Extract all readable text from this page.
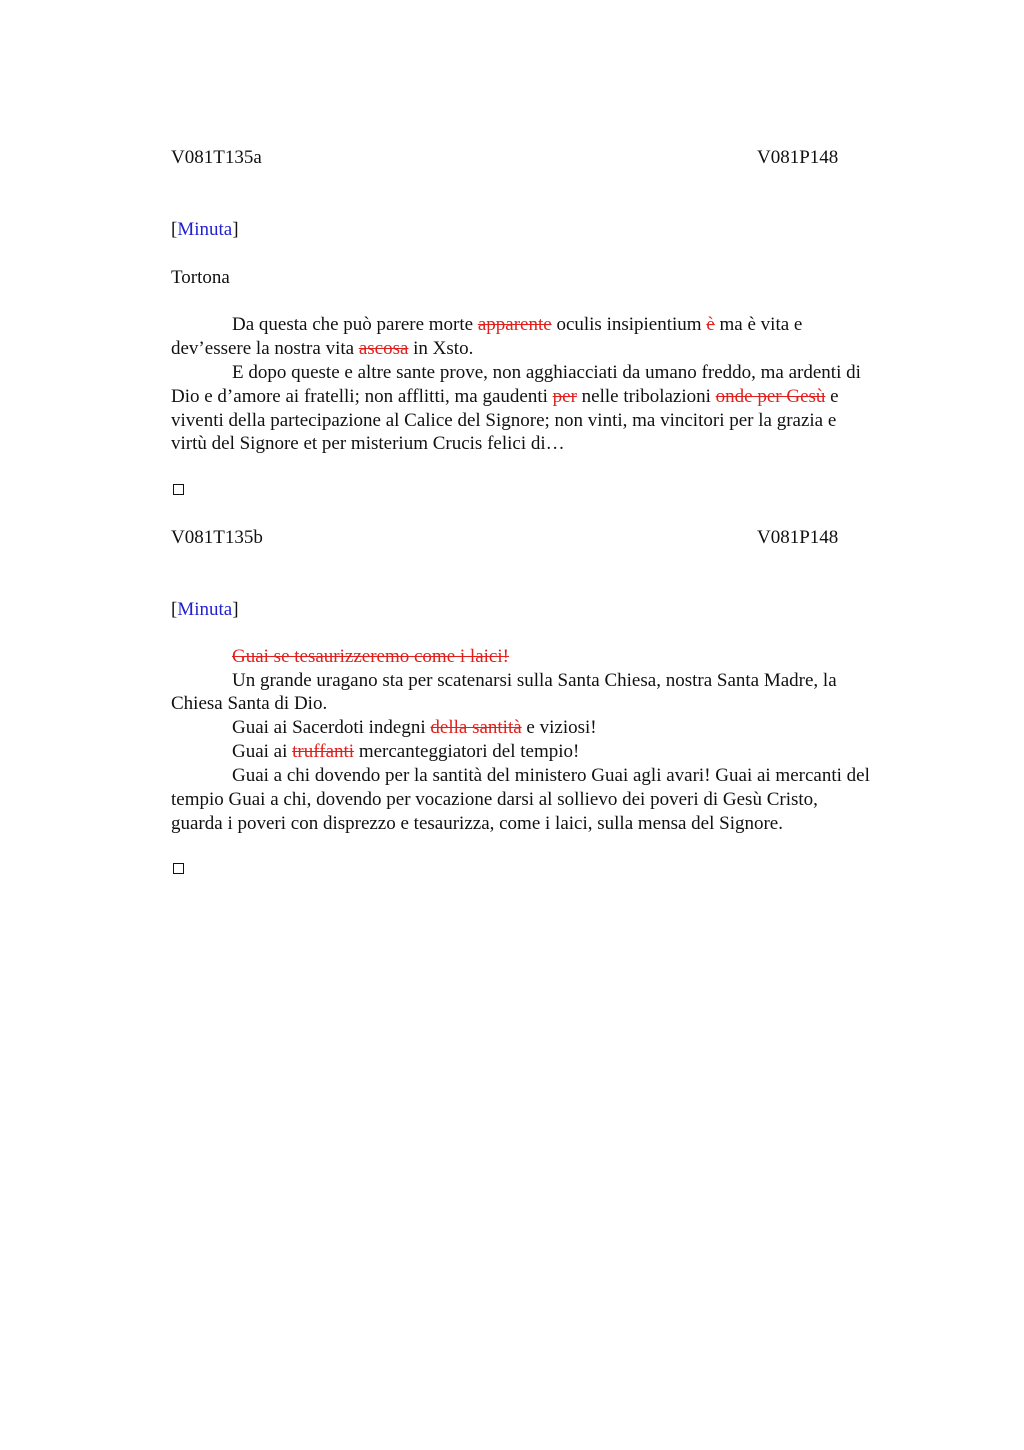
V081T135a	V081P148
[Minuta]
Tortona
Da questa che può parere morte apparente oculis insipientium è ma è vita e
dev’essere la nostra vita ascosa in Xsto.
E dopo queste e altre sante prove, non agghiacciati da umano freddo, ma ardenti di
Dio e d’amore ai fratelli; non afflitti, ma gaudenti per nelle tribolazioni onde per Gesù e
viventi della partecipazione al Calice del Signore; non vinti, ma vincitori per la grazia e
virtù del Signore et per misterium Crucis felici di…
V081T135b	V081P148
[Minuta]
Guai se tesaurizzeremo come i laici!
Un grande uragano sta per scatenarsi sulla Santa Chiesa, nostra Santa Madre, la
Chiesa Santa di Dio.
Guai ai Sacerdoti indegni della santità e viziosi!
Guai ai truffanti mercanteggiatori del tempio!
Guai a chi dovendo per la santità del ministero Guai agli avari! Guai ai mercanti del
tempio Guai a chi, dovendo per vocazione darsi al sollievo dei poveri di Gesù Cristo,
guarda i poveri con disprezzo e tesaurizza, come i laici, sulla mensa del Signore.
